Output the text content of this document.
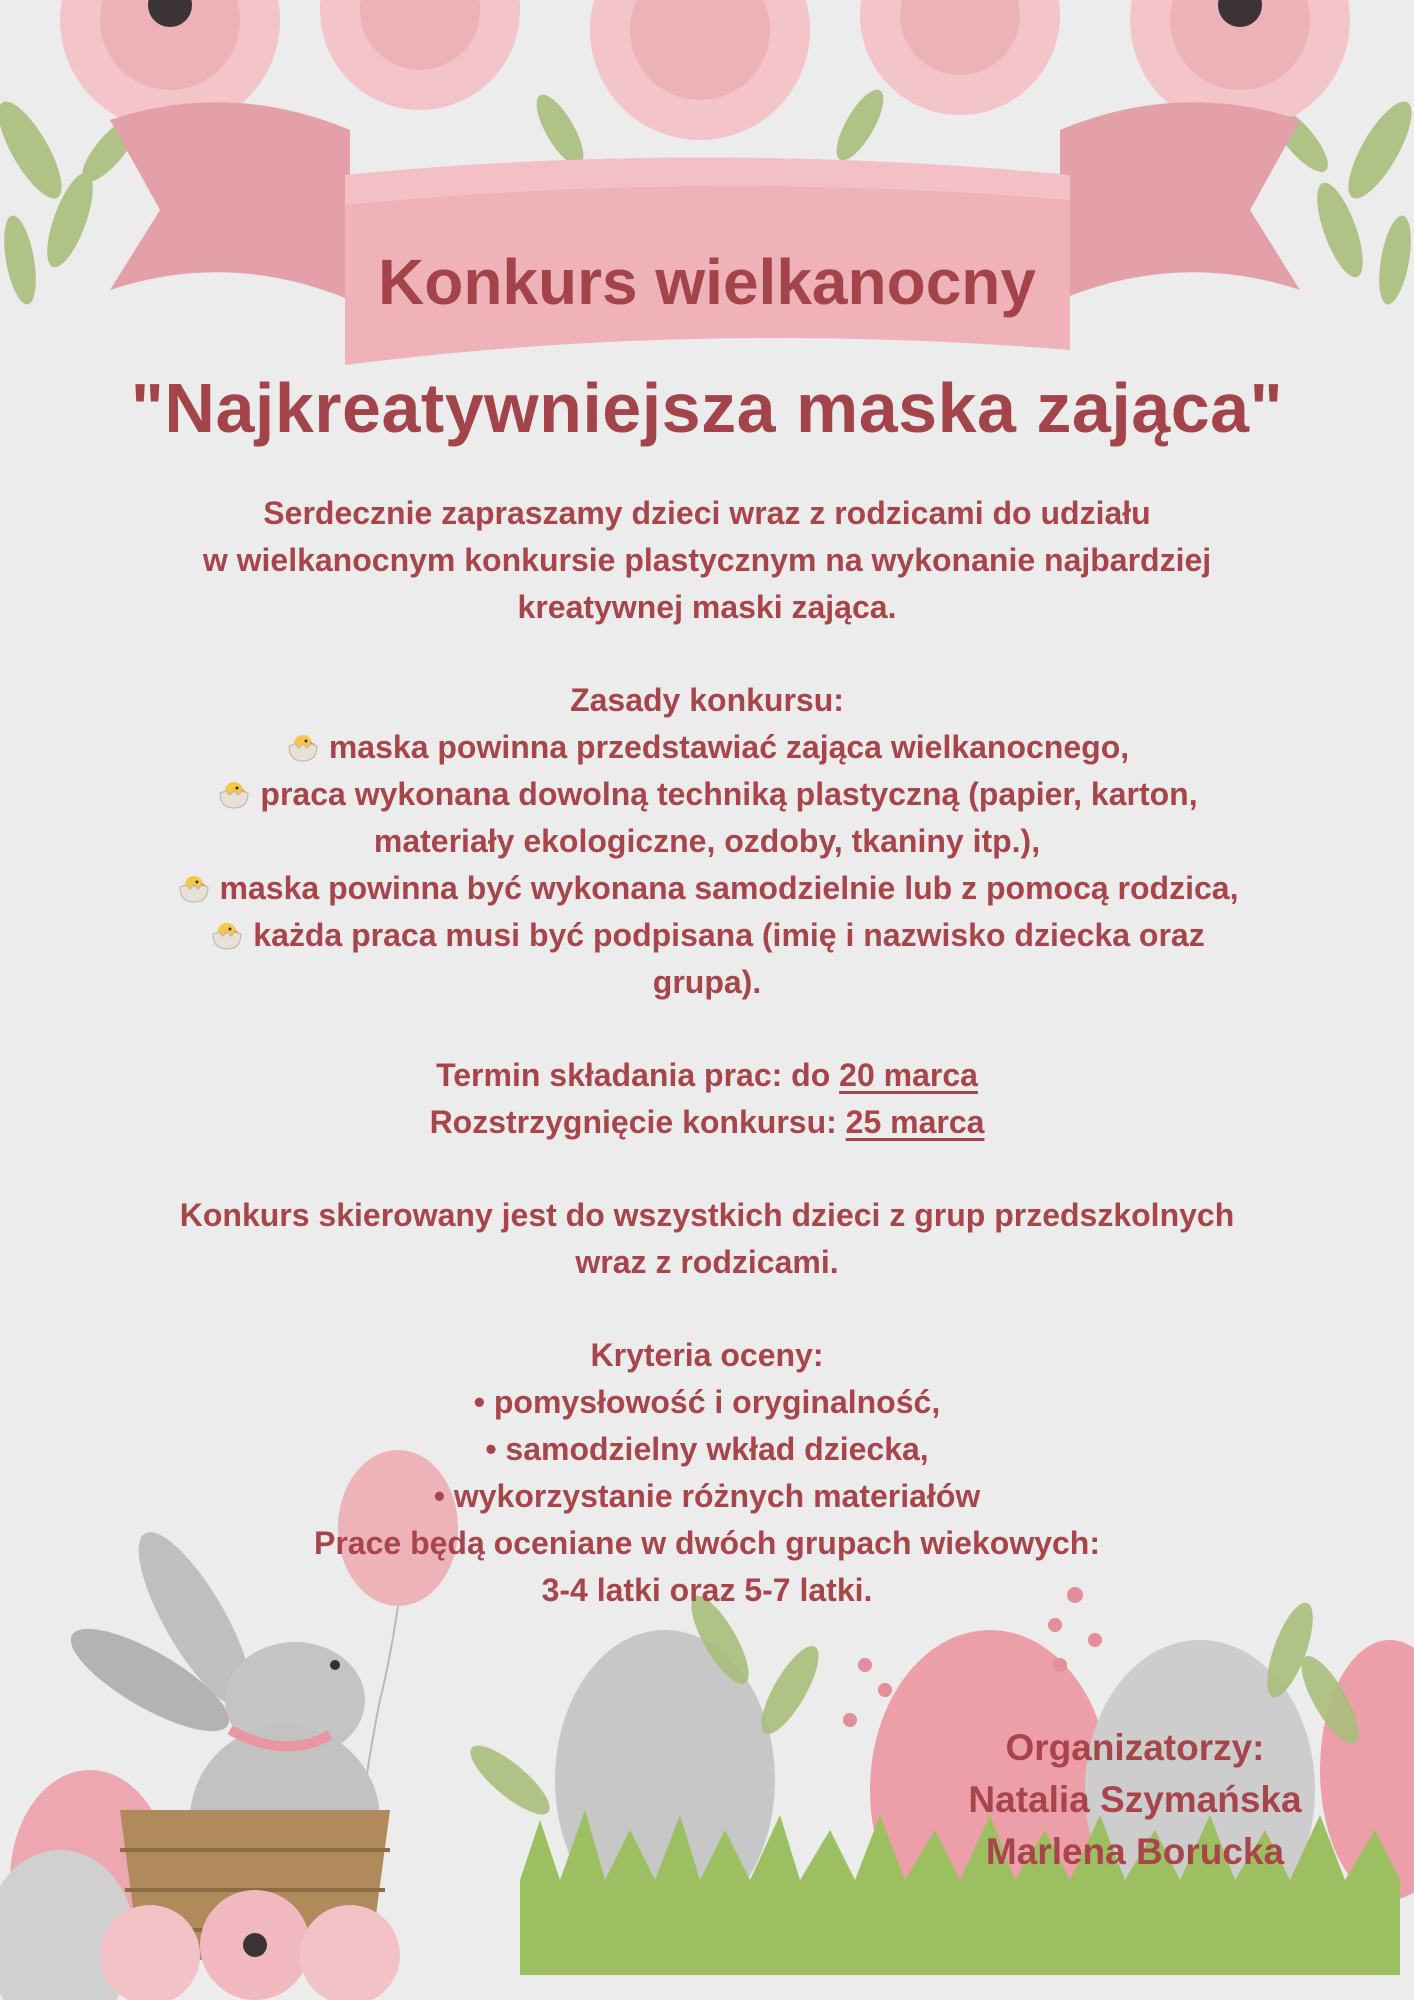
Konkurs wielkanocny
"Najkreatywniejsza maska zająca"

Serdecznie zapraszamy dzieci wraz z rodzicami do udziału

w wielkanocnym konkursie plastycznym na wykonanie najbardziej

kreatywnej maski zająca.

Zasady konkursu:

maska powinna przedstawiać zająca wielkanocnego,

praca wykonana dowolną techniką plastyczną (papier, karton,

materiały ekologiczne, ozdoby, tkaniny itp.),

maska powinna być wykonana samodzielnie lub z pomocą rodzica,

każda praca musi być podpisana (imię i nazwisko dziecka oraz

grupa).

Termin składania prac: do 20 marca

Rozstrzygnięcie konkursu: 25 marca

Konkurs skierowany jest do wszystkich dzieci z grup przedszkolnych

wraz z rodzicami.

Kryteria oceny:

• pomysłowość i oryginalność,

• samodzielny wkład dziecka,

• wykorzystanie różnych materiałów

Prace będą oceniane w dwóch grupach wiekowych:

3-4 latki oraz 5-7 latki.

Organizatorzy:

Natalia Szymańska

Marlena Borucka
